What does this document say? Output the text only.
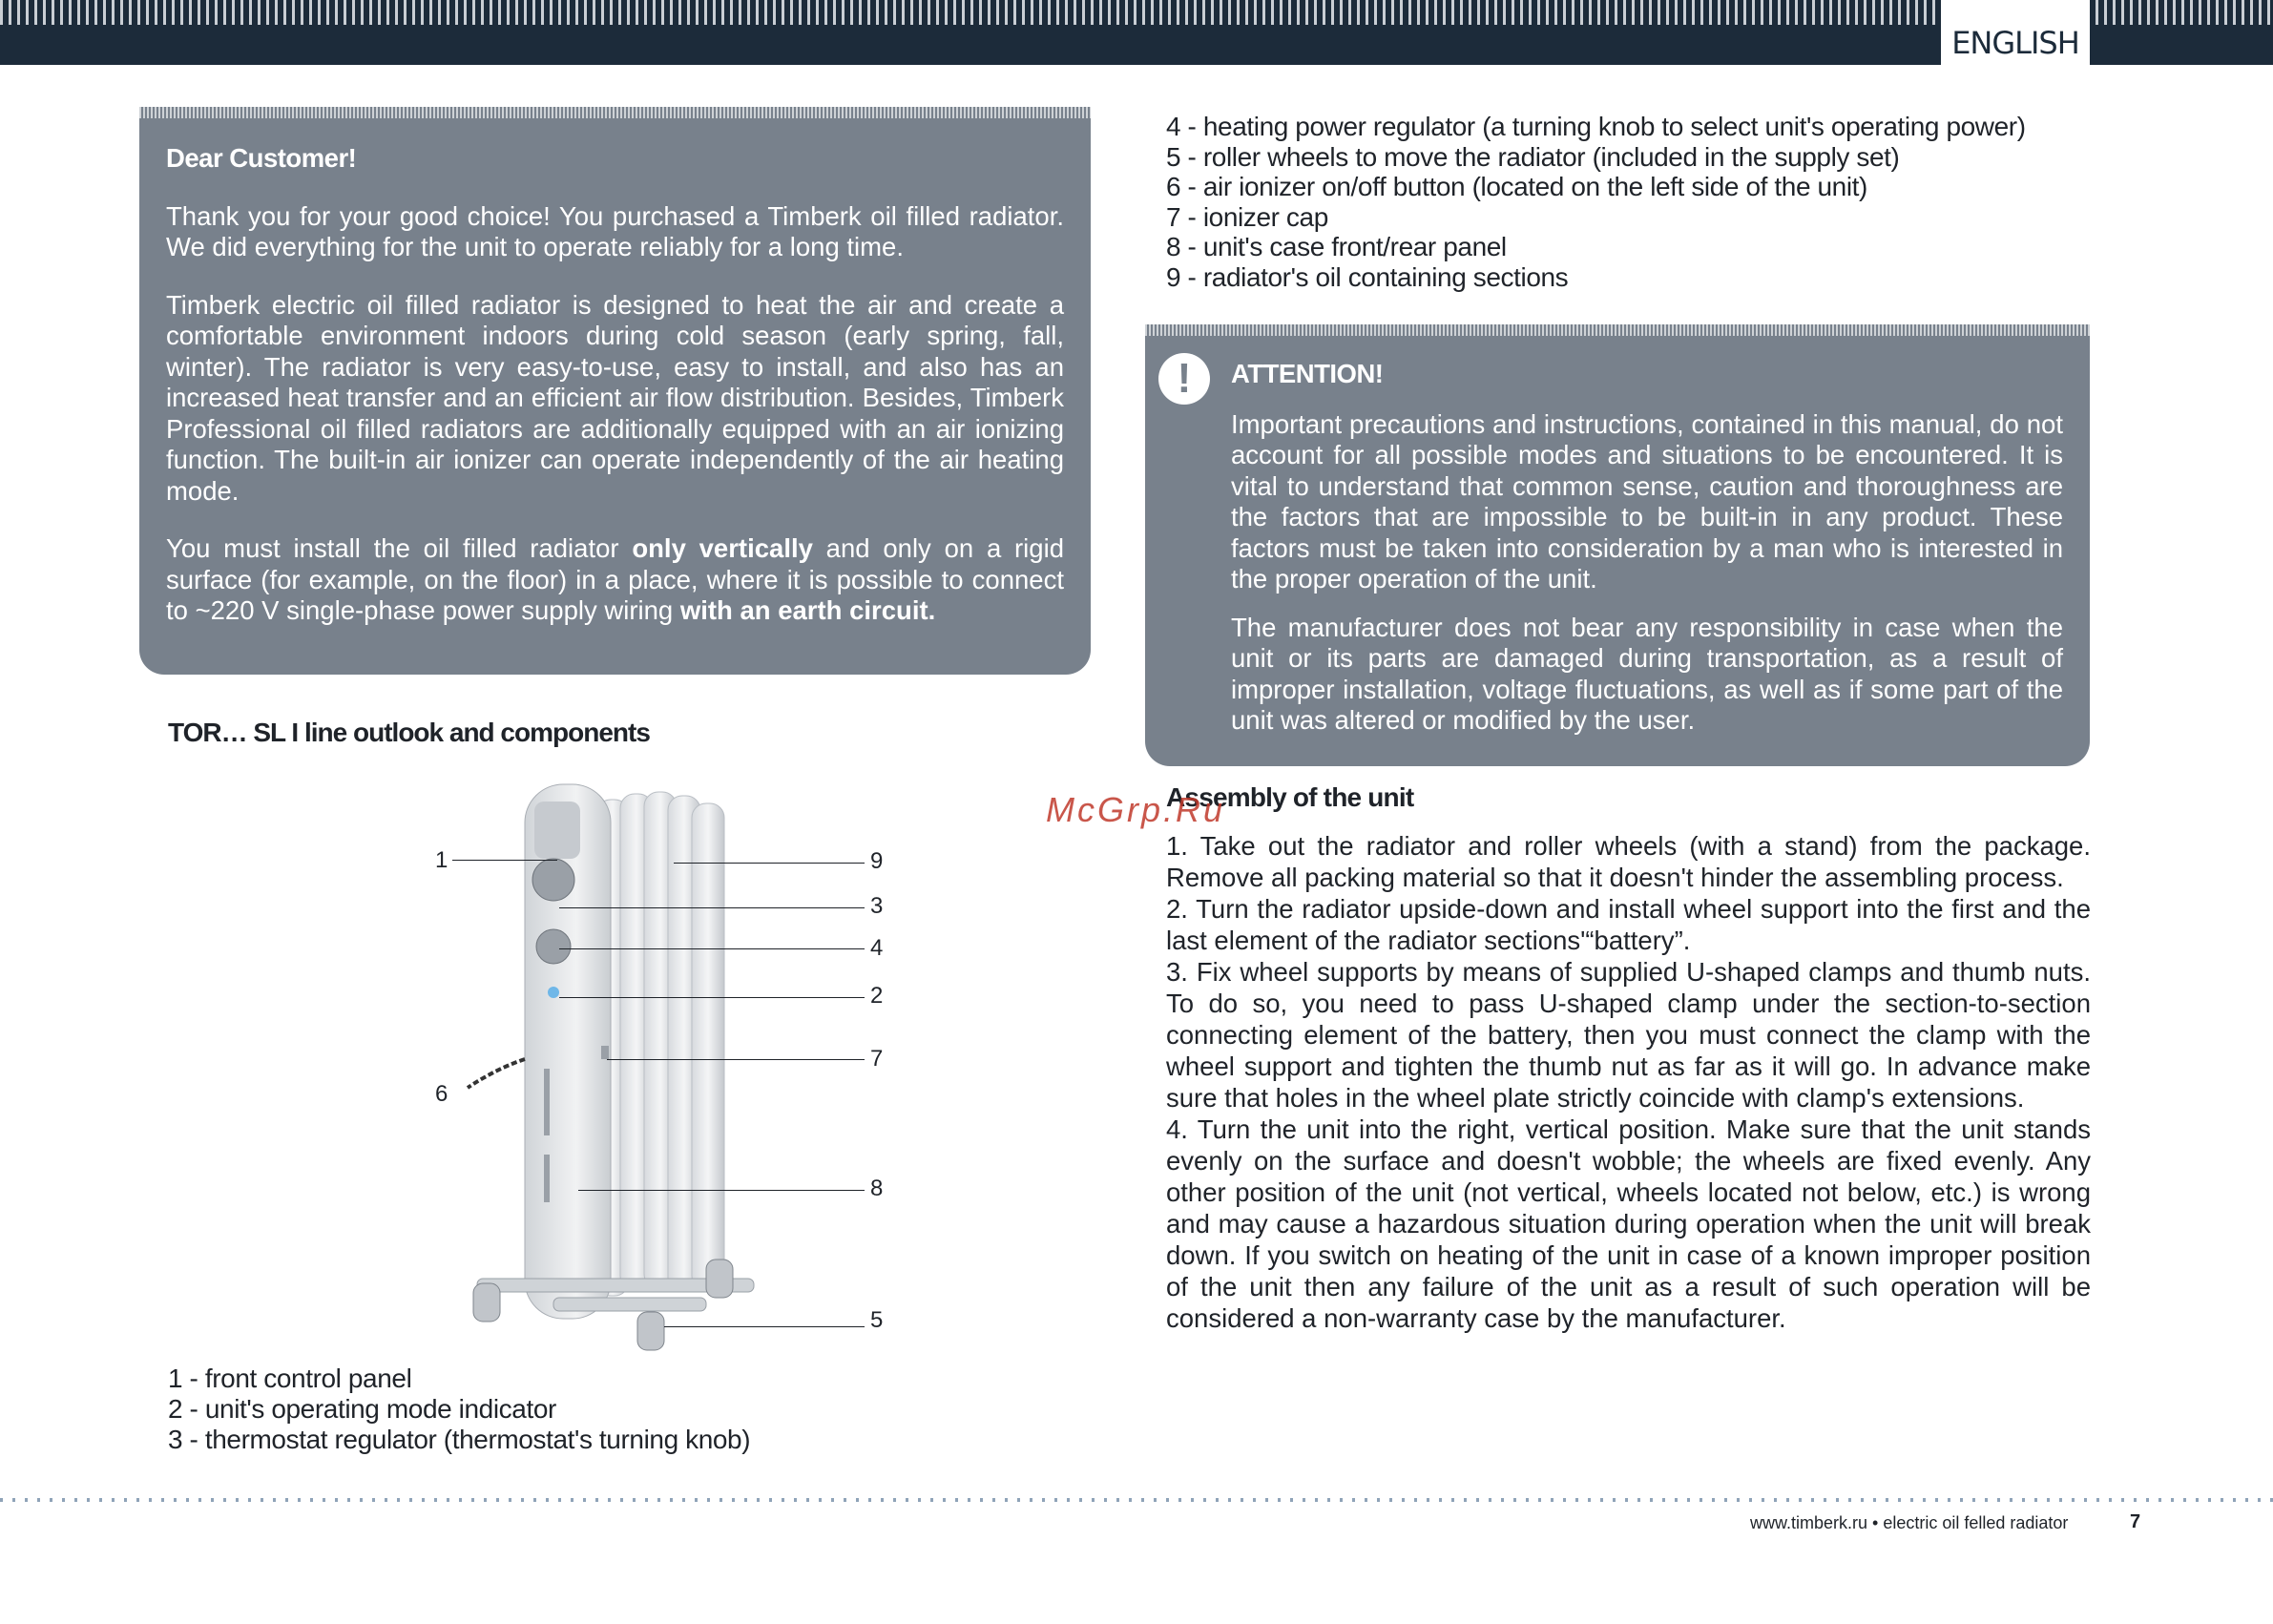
ENGLISH

Dear Customer!

Thank you for your good choice! You purchased a Timberk oil filled radiator. We did everything for the unit to operate reliably for a long time.

Timberk electric oil filled radiator is designed to heat the air and create a comfortable environment indoors during cold season (early spring, fall, winter). The radiator is very easy-to-use, easy to install, and also has an increased heat transfer and an efficient air flow distribution. Besides, Timberk Professional oil filled radiators are additionally equipped with an air ionizing function. The built-in air ionizer can operate independently of the air heating mode.

You must install the oil filled radiator only vertically and only on a rigid surface (for example, on the floor) in a place, where it is possible to connect to ~220 V single-phase power supply wiring with an earth circuit.

4 - heating power regulator (a turning knob to select unit's operating power)
5 - roller wheels to move the radiator (included in the supply set)
6 - air ionizer on/off button (located on the left side of the unit)
7 - ionizer cap
8 - unit's case front/rear panel
9 - radiator's oil containing sections
!	ATTENTION!

Important precautions and instructions, contained in this manual, do not account for all possible modes and situations to be encountered. It is vital to understand that common sense, caution and thoroughness are the factors that are impossible to be built-in in any product. These factors must be taken into consideration by a man who is interested in the proper operation of the unit.

The manufacturer does not bear any responsibility in case when the unit or its parts are damaged during transportation, as a result of improper installation, voltage fluctuations, as well as if some part of the unit was altered or modified by the user.

TOR… SL I line outlook and components
1	9
3
4
2
7
6
8
5
1 - front control panel
2 - unit's operating mode indicator
3 - thermostat regulator (thermostat's turning knob)
Assembly of the unit
McGrp.Ru

1. Take out the radiator and roller wheels (with a stand) from the package. Remove all packing material so that it doesn't hinder the assembling process.

2. Turn the radiator upside-down and install wheel support into the first and the last element of the radiator sections'“battery”.

3. Fix wheel supports by means of supplied U-shaped clamps and thumb nuts. To do so, you need to pass U-shaped clamp under the section-to-section connecting element of the battery, then you must connect the clamp with the wheel support and tighten the thumb nut as far as it will go. In advance make sure that holes in the wheel plate strictly coincide with clamp's extensions.

4. Turn the unit into the right, vertical position. Make sure that the unit stands evenly on the surface and doesn't wobble; the wheels are fixed evenly. Any other position of the unit (not vertical, wheels located not below, etc.) is wrong and may cause a hazardous situation during operation when the unit will break down. If you switch on heating of the unit in case of a known improper position of the unit then any failure of the unit as a result of such operation will be considered a non-warranty case by the manufacturer.

www.timberk.ru • electric oil felled radiator	7
